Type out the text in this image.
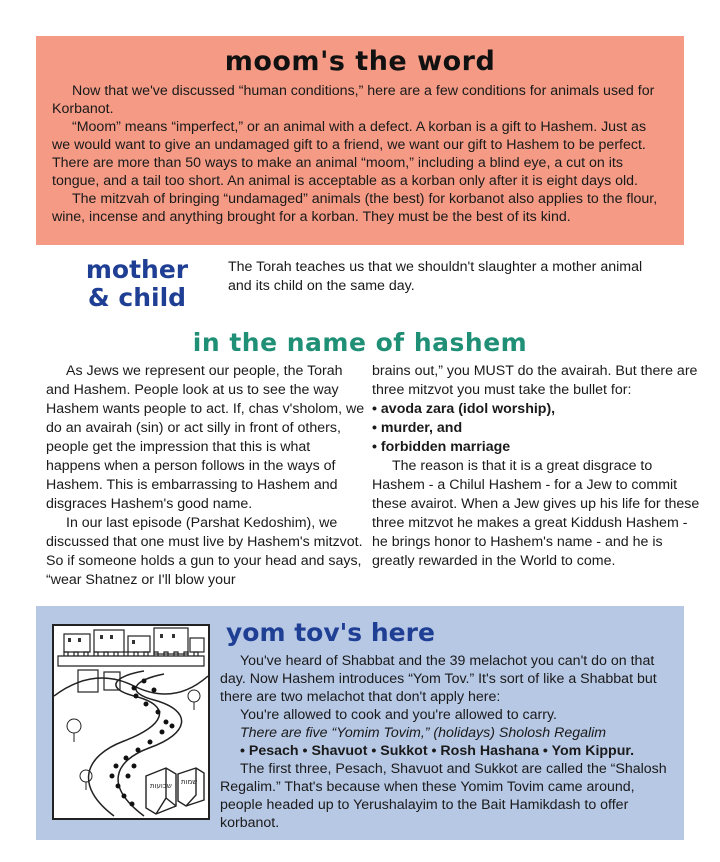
moom's the word

Now that we've discussed “human conditions,” here are a few conditions for animals used for Korbanot.

“Moom” means “imperfect,” or an animal with a defect. A korban is a gift to Hashem. Just as we would want to give an undamaged gift to a friend, we want our gift to Hashem to be perfect. There are more than 50 ways to make an animal “moom,” including a blind eye, a cut on its tongue, and a tail too short. An animal is acceptable as a korban only after it is eight days old.

The mitzvah of bringing “undamaged” animals (the best) for korbanot also applies to the flour, wine, incense and anything brought for a korban. They must be the best of its kind.

mother
& child
The Torah teaches us that we shouldn't slaughter a mother animal and its child on the same day.
in the name of hashem

As Jews we represent our people, the Torah and Hashem. People look at us to see the way Hashem wants people to act. If, chas v'sholom, we do an avairah (sin) or act silly in front of others, people get the impression that this is what happens when a person follows in the ways of Hashem. This is embarrassing to Hashem and disgraces Hashem's good name.

In our last episode (Parshat Kedoshim), we discussed that one must live by Hashem's mitzvot. So if someone holds a gun to your head and says, “wear Shatnez or I'll blow your

brains out,” you MUST do the avairah. But there are three mitzvot you must take the bullet for:

• avoda zara (idol worship),
• murder, and
• forbidden marriage

The reason is that it is a great disgrace to Hashem - a Chilul Hashem - for a Jew to commit these avairot. When a Jew gives up his life for these three mitzvot he makes a great Kiddush Hashem - he brings honor to Hashem's name - and he is greatly rewarded in the World to come.

שבועות שמות
yom tov's here

You've heard of Shabbat and the 39 melachot you can't do on that day. Now Hashem introduces “Yom Tov.” It's sort of like a Shabbat but there are two melachot that don't apply here:

You're allowed to cook and you're allowed to carry.

There are five “Yomim Tovim,” (holidays) Sholosh Regalim

• Pesach • Shavuot • Sukkot • Rosh Hashana • Yom Kippur.

The first three, Pesach, Shavuot and Sukkot are called the “Shalosh Regalim.” That's because when these Yomim Tovim came around, people headed up to Yerushalayim to the Bait Hamikdash to offer korbanot.
